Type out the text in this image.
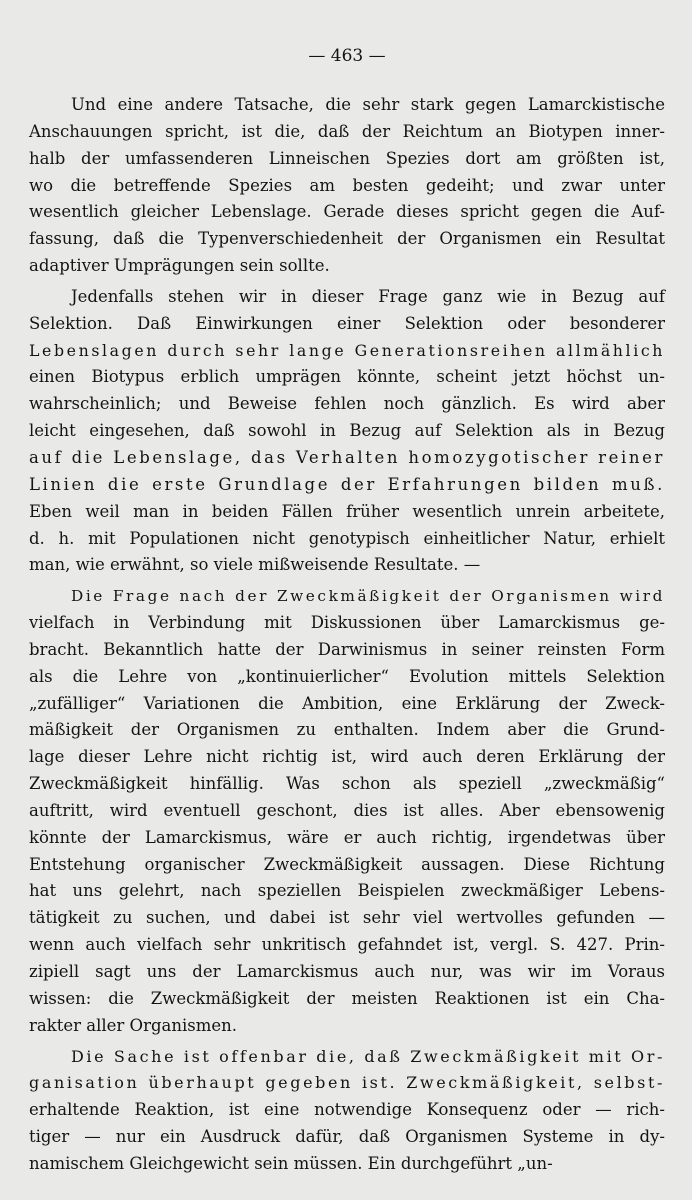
— 463 —
Und eine andere Tatsache, die sehr stark gegen Lamarckistische
Anschauungen spricht, ist die, daß der Reichtum an Biotypen inner-
halb der umfassenderen Linneischen Spezies dort am größten ist,
wo die betreffende Spezies am besten gedeiht; und zwar unter
wesentlich gleicher Lebenslage. Gerade dieses spricht gegen die Auf-
fassung, daß die Typenverschiedenheit der Organismen ein Resultat
adaptiver Umprägungen sein sollte.
Jedenfalls stehen wir in dieser Frage ganz wie in Bezug auf
Selektion. Daß Einwirkungen einer Selektion oder besonderer
Lebenslagen durch sehr lange Generationsreihen allmählich
einen Biotypus erblich umprägen könnte, scheint jetzt höchst un-
wahrscheinlich; und Beweise fehlen noch gänzlich. Es wird aber
leicht eingesehen, daß sowohl in Bezug auf Selektion als in Bezug
auf die Lebenslage, das Verhalten homozygotischer reiner
Linien die erste Grundlage der Erfahrungen bilden muß.
Eben weil man in beiden Fällen früher wesentlich unrein arbeitete,
d. h. mit Populationen nicht genotypisch einheitlicher Natur, erhielt
man, wie erwähnt, so viele mißweisende Resultate. —
Die Frage nach der Zweckmäßigkeit der Organismen wird
vielfach in Verbindung mit Diskussionen über Lamarckismus ge-
bracht. Bekanntlich hatte der Darwinismus in seiner reinsten Form
als die Lehre von „kontinuierlicher“ Evolution mittels Selektion
„zufälliger“ Variationen die Ambition, eine Erklärung der Zweck-
mäßigkeit der Organismen zu enthalten. Indem aber die Grund-
lage dieser Lehre nicht richtig ist, wird auch deren Erklärung der
Zweckmäßigkeit hinfällig. Was schon als speziell „zweckmäßig“
auftritt, wird eventuell geschont, dies ist alles. Aber ebensowenig
könnte der Lamarckismus, wäre er auch richtig, irgendetwas über
Entstehung organischer Zweckmäßigkeit aussagen. Diese Richtung
hat uns gelehrt, nach speziellen Beispielen zweckmäßiger Lebens-
tätigkeit zu suchen, und dabei ist sehr viel wertvolles gefunden —
wenn auch vielfach sehr unkritisch gefahndet ist, vergl. S. 427. Prin-
zipiell sagt uns der Lamarckismus auch nur, was wir im Voraus
wissen: die Zweckmäßigkeit der meisten Reaktionen ist ein Cha-
rakter aller Organismen.
Die Sache ist offenbar die, daß Zweckmäßigkeit mit Or-
ganisation überhaupt gegeben ist. Zweckmäßigkeit, selbst-
erhaltende Reaktion, ist eine notwendige Konsequenz oder — rich-
tiger — nur ein Ausdruck dafür, daß Organismen Systeme in dy-
namischem Gleichgewicht sein müssen. Ein durchgeführt „un-
